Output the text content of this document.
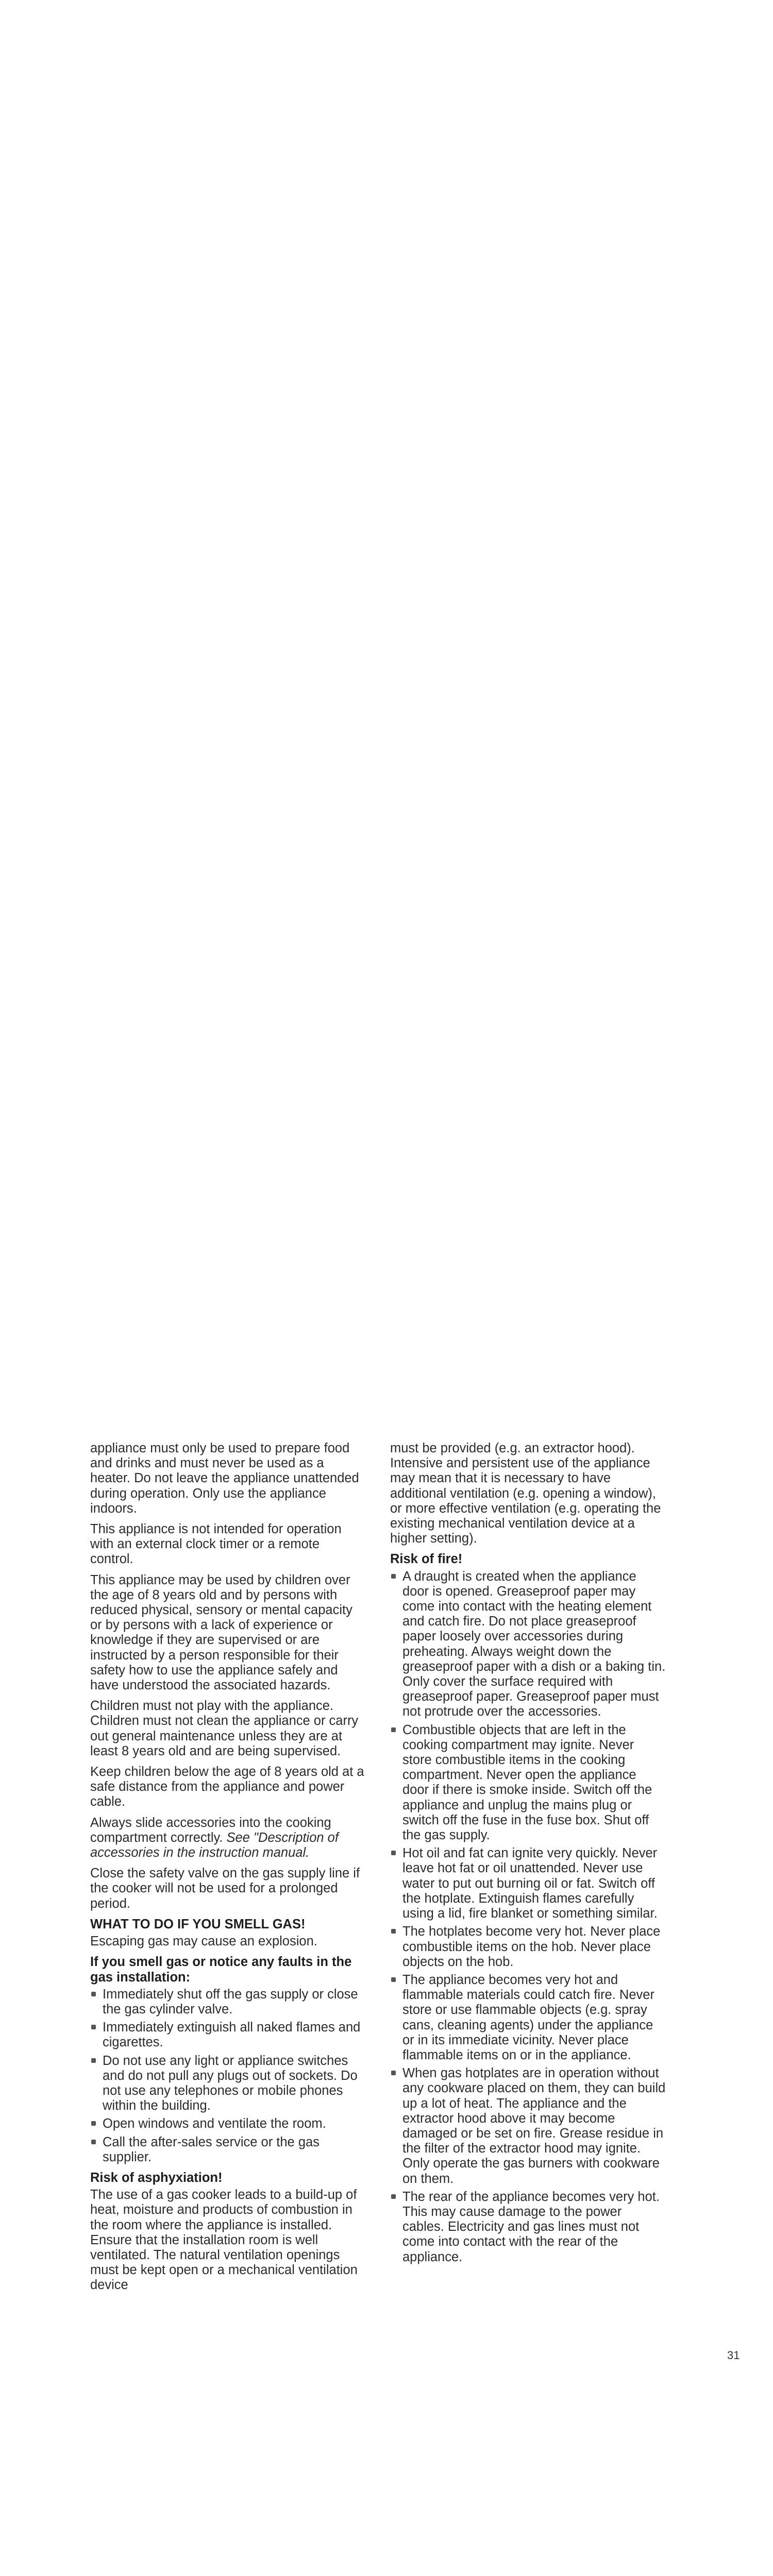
appliance must only be used to prepare food and drinks and must never be used as a heater. Do not leave the appliance unattended during operation. Only use the appliance indoors.

This appliance is not intended for operation with an external clock timer or a remote control.

This appliance may be used by children over the age of 8 years old and by persons with reduced physical, sensory or mental capacity or by persons with a lack of experience or knowledge if they are supervised or are instructed by a person responsible for their safety how to use the appliance safely and have understood the associated hazards.

Children must not play with the appliance. Children must not clean the appliance or carry out general maintenance unless they are at least 8 years old and are being supervised.

Keep children below the age of 8 years old at a safe distance from the appliance and power cable.

Always slide accessories into the cooking compartment correctly. See "Description of accessories in the instruction manual.

Close the safety valve on the gas supply line if the cooker will not be used for a prolonged period.

WHAT TO DO IF YOU SMELL GAS!

Escaping gas may cause an explosion.

If you smell gas or notice any faults in the gas installation:
Immediately shut off the gas supply or close the gas cylinder valve.
Immediately extinguish all naked flames and cigarettes.
Do not use any light or appliance switches and do not pull any plugs out of sockets. Do not use any telephones or mobile phones within the building.
Open windows and ventilate the room.
Call the after-sales service or the gas supplier.
Risk of asphyxiation!

The use of a gas cooker leads to a build-up of heat, moisture and products of combustion in the room where the appliance is installed. Ensure that the installation room is well ventilated. The natural ventilation openings must be kept open or a mechanical ventilation device

must be provided (e.g. an extractor hood). Intensive and persistent use of the appliance may mean that it is necessary to have additional ventilation (e.g. opening a window), or more effective ventilation (e.g. operating the existing mechanical ventilation device at a higher setting).

Risk of fire!
A draught is created when the appliance door is opened. Greaseproof paper may come into contact with the heating element and catch fire. Do not place greaseproof paper loosely over accessories during preheating. Always weight down the greaseproof paper with a dish or a baking tin. Only cover the surface required with greaseproof paper. Greaseproof paper must not protrude over the accessories.
Combustible objects that are left in the cooking compartment may ignite. Never store combustible items in the cooking compartment. Never open the appliance door if there is smoke inside. Switch off the appliance and unplug the mains plug or switch off the fuse in the fuse box. Shut off the gas supply.
Hot oil and fat can ignite very quickly. Never leave hot fat or oil unattended. Never use water to put out burning oil or fat. Switch off the hotplate. Extinguish flames carefully using a lid, fire blanket or something similar.
The hotplates become very hot. Never place combustible items on the hob. Never place objects on the hob.
The appliance becomes very hot and flammable materials could catch fire. Never store or use flammable objects (e.g. spray cans, cleaning agents) under the appliance or in its immediate vicinity. Never place flammable items on or in the appliance.
When gas hotplates are in operation without any cookware placed on them, they can build up a lot of heat. The appliance and the extractor hood above it may become damaged or be set on fire. Grease residue in the filter of the extractor hood may ignite. Only operate the gas burners with cookware on them.
The rear of the appliance becomes very hot. This may cause damage to the power cables. Electricity and gas lines must not come into contact with the rear of the appliance.
31
